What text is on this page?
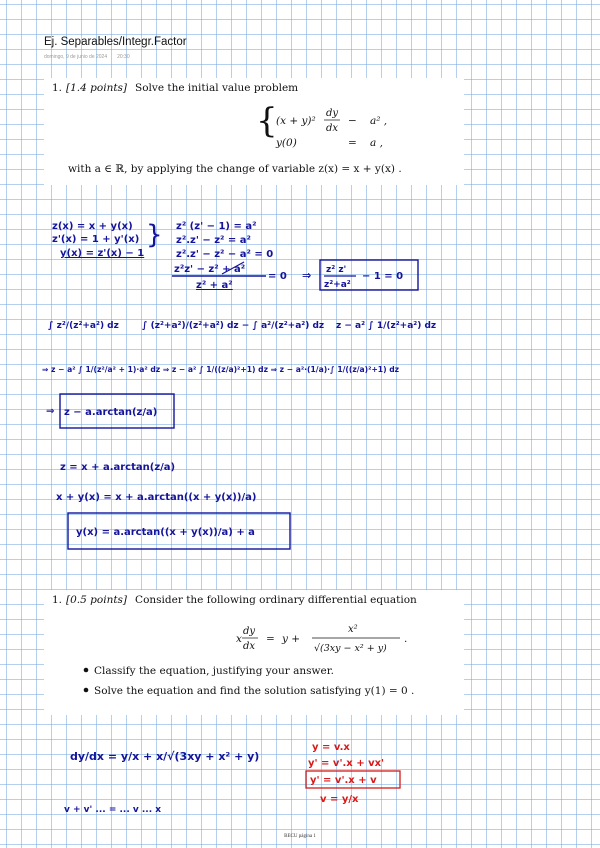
Ej. Separables/Integr.Factor
domingo, 9 de junio de 2024 20:30
1. [1.4 points] Solve the initial value problem
{
(x + y)²
dy
dx
− a² ,
y(0)	= a ,
with a ∈ ℝ, by applying the change of variable z(x) = x + y(x) .
z(x) = x + y(x)
z'(x) = 1 + y'(x)
y(x) = z'(x) − 1
} z² (z' − 1) = a²
z².z' − z² = a²
z².z' − z² − a² = 0
z²z' − z² + a²
z² + a²
= 0 ⇒ z² z'
z²+a²
− 1 = 0
∫ z²/(z²+a²) dz	∫ (z²+a²)/(z²+a²) dz − ∫ a²/(z²+a²) dz z − a² ∫ 1/(z²+a²) dz
⇒ z − a² ∫ 1/(z²/a² + 1)·a² dz ⇒ z − a² ∫ 1/((z/a)²+1) dz ⇒ z − a²·(1/a)·∫ 1/((z/a)²+1) dz
⇒ z − a.arctan(z/a)
z = x + a.arctan(z/a)
x + y(x) = x + a.arctan((x + y(x))/a)
y(x) = a.arctan((x + y(x))/a) + a
1. [0.5 points] Consider the following ordinary differential equation
x
dy
dx
= y +
x²
√(3xy − x² + y)
.
Classify the equation, justifying your answer.
Solve the equation and find the solution satisfying y(1) = 0 .
dy/dx = y/x + x/√(3xy + x² + y)
y = v.x
y' = v'.x + vx'
y' = v'.x + v
v = y/x
v + v' ... = ... v ... x
BECU página 1
